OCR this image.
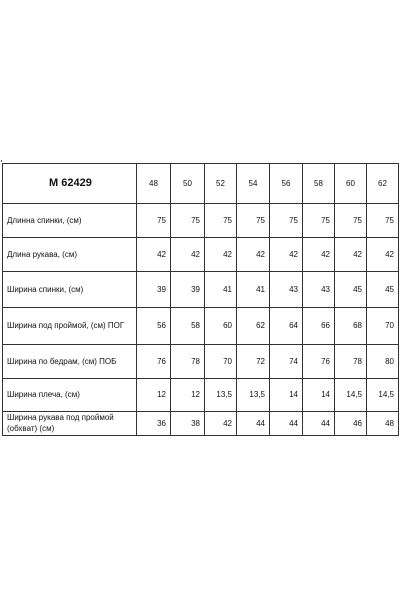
М 62429	48	50	52	54	56	58	60	62
Длинна спинки, (см)	75	75	75	75	75	75	75	75
Длина рукава, (см)	42	42	42	42	42	42	42	42
Ширина спинки, (см)	39	39	41	41	43	43	45	45
Ширина под проймой, (см) ПОГ	56	58	60	62	64	66	68	70
Ширина по бедрам, (см) ПОБ	76	78	70	72	74	76	78	80
Ширина плеча, (см)	12	12	13,5	13,5	14	14	14,5	14,5
Ширина рукава под проймой (обхват) (см)	36	38	42	44	44	44	46	48
